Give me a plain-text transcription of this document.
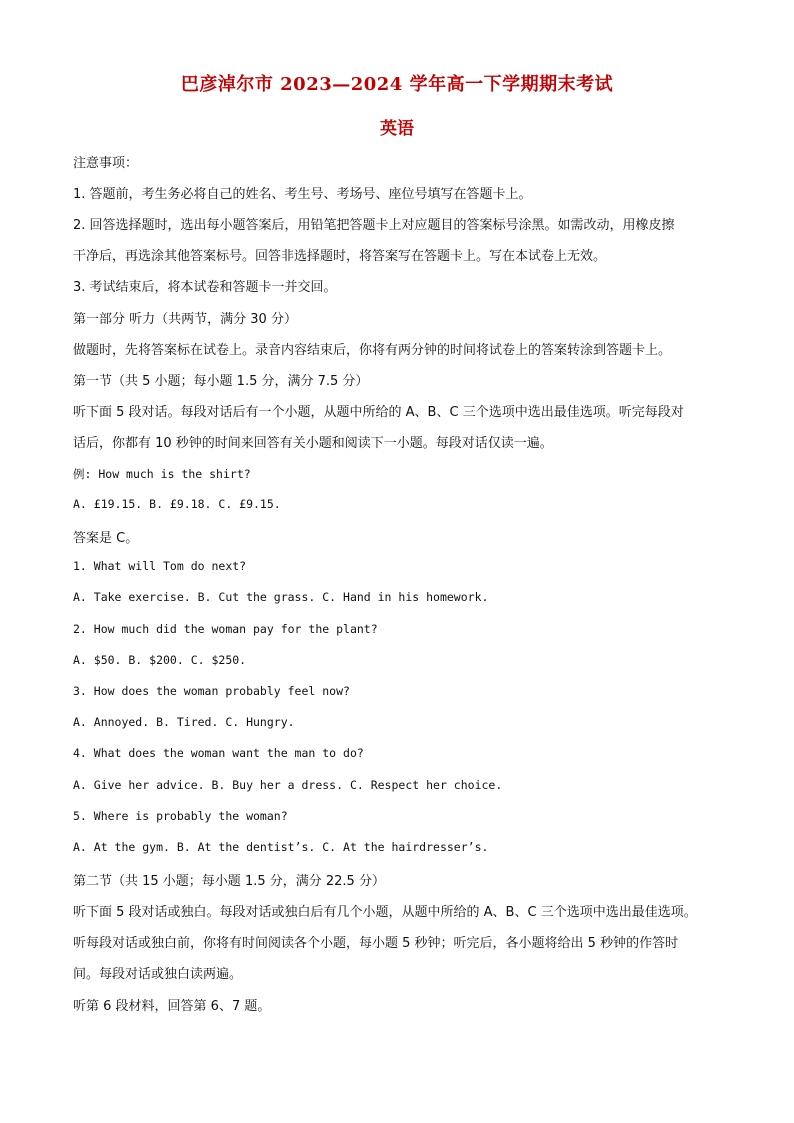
巴彦淖尔市 2023—2024 学年高一下学期期末考试
英语
注意事项：
1. 答题前，考生务必将自己的姓名、考生号、考场号、座位号填写在答题卡上。
2. 回答选择题时，选出每小题答案后，用铅笔把答题卡上对应题目的答案标号涂黑。如需改动，用橡皮擦
干净后，再选涂其他答案标号。回答非选择题时，将答案写在答题卡上。写在本试卷上无效。
3. 考试结束后，将本试卷和答题卡一并交回。
第一部分 听力（共两节，满分 30 分）
做题时，先将答案标在试卷上。录音内容结束后，你将有两分钟的时间将试卷上的答案转涂到答题卡上。
第一节（共 5 小题；每小题 1.5 分，满分 7.5 分）
听下面 5 段对话。每段对话后有一个小题，从题中所给的 A、B、C 三个选项中选出最佳选项。听完每段对
话后，你都有 10 秒钟的时间来回答有关小题和阅读下一小题。每段对话仅读一遍。
例: How much is the shirt?
A. £19.15. B. £9.18. C. £9.15.
答案是 C。
1. What will Tom do next?
A. Take exercise. B. Cut the grass. C. Hand in his homework.
2. How much did the woman pay for the plant?
A. $50. B. $200. C. $250.
3. How does the woman probably feel now?
A. Annoyed. B. Tired. C. Hungry.
4. What does the woman want the man to do?
A. Give her advice. B. Buy her a dress. C. Respect her choice.
5. Where is probably the woman?
A. At the gym. B. At the dentist’s. C. At the hairdresser’s.
第二节（共 15 小题；每小题 1.5 分，满分 22.5 分）
听下面 5 段对话或独白。每段对话或独白后有几个小题，从题中所给的 A、B、C 三个选项中选出最佳选项。
听每段对话或独白前，你将有时间阅读各个小题，每小题 5 秒钟；听完后，各小题将给出 5 秒钟的作答时
间。每段对话或独白读两遍。
听第 6 段材料，回答第 6、7 题。
